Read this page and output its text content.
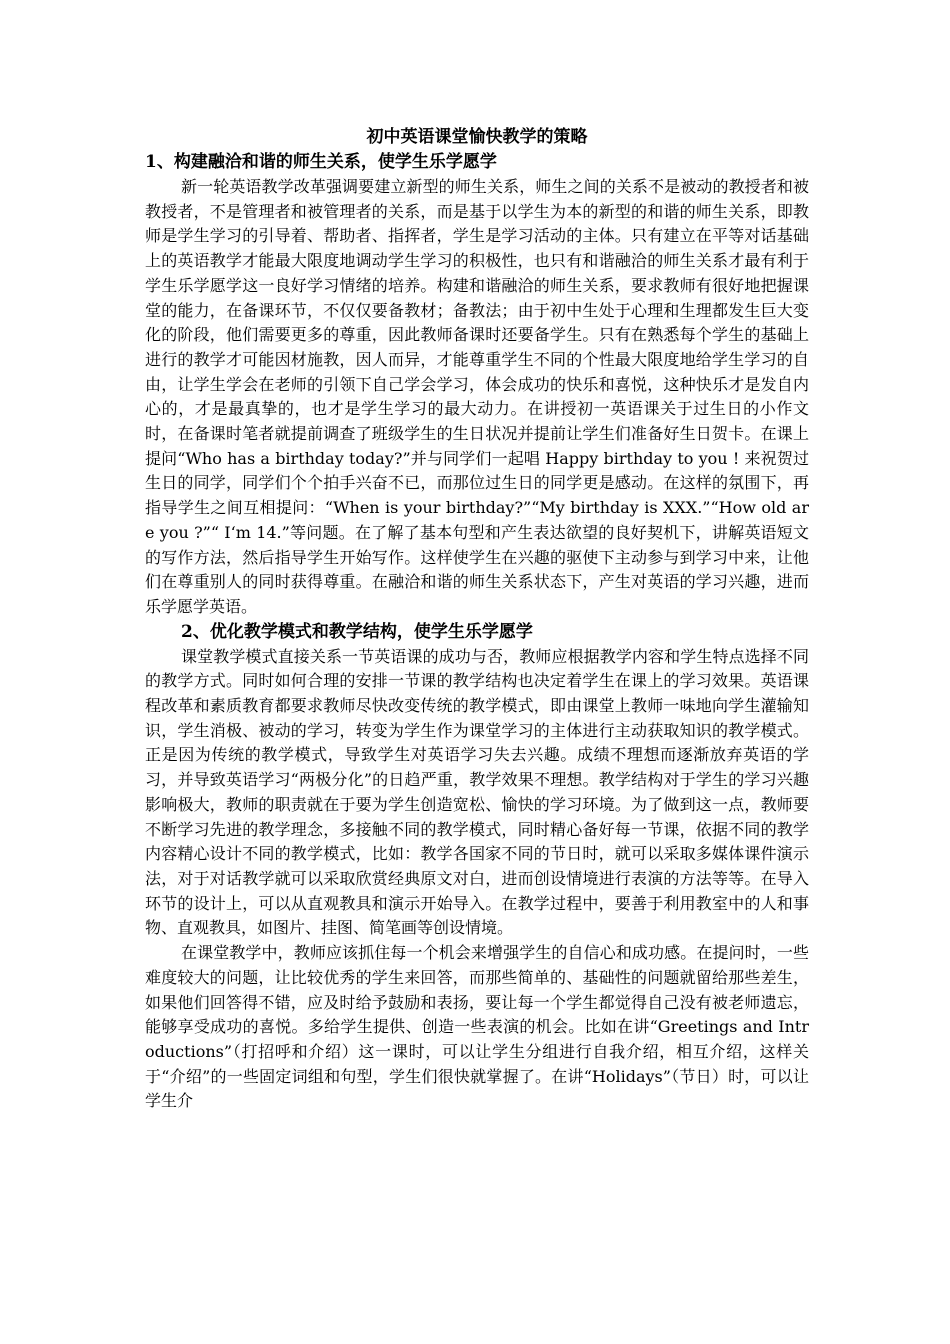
初中英语课堂愉快教学的策略
1、构建融洽和谐的师生关系，使学生乐学愿学

新一轮英语教学改革强调要建立新型的师生关系，师生之间的关系不是被动的教授者和被教授者，不是管理者和被管理者的关系，而是基于以学生为本的新型的和谐的师生关系，即教师是学生学习的引导着、帮助者、指挥者，学生是学习活动的主体。只有建立在平等对话基础上的英语教学才能最大限度地调动学生学习的积极性，也只有和谐融洽的师生关系才最有利于学生乐学愿学这一良好学习情绪的培养。构建和谐融洽的师生关系，要求教师有很好地把握课堂的能力，在备课环节，不仅仅要备教材；备教法；由于初中生处于心理和生理都发生巨大变化的阶段，他们需要更多的尊重，因此教师备课时还要备学生。只有在熟悉每个学生的基础上进行的教学才可能因材施教，因人而异，才能尊重学生不同的个性最大限度地给学生学习的自由，让学生学会在老师的引领下自己学会学习，体会成功的快乐和喜悦，这种快乐才是发自内心的，才是最真挚的，也才是学生学习的最大动力。在讲授初一英语课关于过生日的小作文时，在备课时笔者就提前调查了班级学生的生日状况并提前让学生们准备好生日贺卡。在课上提问“Who has a birthday today?”并与同学们一起唱 Happy birthday to you ! 来祝贺过生日的同学，同学们个个拍手兴奋不已，而那位过生日的同学更是感动。在这样的氛围下，再指导学生之间互相提问：“When is your birthday?”“My birthday is XXX.”“How old are you ?”“ I‘m 14.”等问题。在了解了基本句型和产生表达欲望的良好契机下，讲解英语短文的写作方法，然后指导学生开始写作。这样使学生在兴趣的驱使下主动参与到学习中来，让他们在尊重别人的同时获得尊重。在融洽和谐的师生关系状态下，产生对英语的学习兴趣，进而乐学愿学英语。

2、优化教学模式和教学结构，使学生乐学愿学

课堂教学模式直接关系一节英语课的成功与否，教师应根据教学内容和学生特点选择不同的教学方式。同时如何合理的安排一节课的教学结构也决定着学生在课上的学习效果。英语课程改革和素质教育都要求教师尽快改变传统的教学模式，即由课堂上教师一味地向学生灌输知识，学生消极、被动的学习，转变为学生作为课堂学习的主体进行主动获取知识的教学模式。正是因为传统的教学模式，导致学生对英语学习失去兴趣。成绩不理想而逐渐放弃英语的学习，并导致英语学习“两极分化”的日趋严重，教学效果不理想。教学结构对于学生的学习兴趣影响极大，教师的职责就在于要为学生创造宽松、愉快的学习环境。为了做到这一点，教师要不断学习先进的教学理念，多接触不同的教学模式，同时精心备好每一节课，依据不同的教学内容精心设计不同的教学模式，比如：教学各国家不同的节日时，就可以采取多媒体课件演示法，对于对话教学就可以采取欣赏经典原文对白，进而创设情境进行表演的方法等等。在导入环节的设计上，可以从直观教具和演示开始导入。在教学过程中，要善于利用教室中的人和事物、直观教具，如图片、挂图、简笔画等创设情境。

在课堂教学中，教师应该抓住每一个机会来增强学生的自信心和成功感。在提问时，一些难度较大的问题，让比较优秀的学生来回答，而那些简单的、基础性的问题就留给那些差生，如果他们回答得不错，应及时给予鼓励和表扬，要让每一个学生都觉得自己没有被老师遗忘，能够享受成功的喜悦。多给学生提供、创造一些表演的机会。比如在讲“Greetings and Introductions”（打招呼和介绍）这一课时，可以让学生分组进行自我介绍，相互介绍，这样关于“介绍”的一些固定词组和句型，学生们很快就掌握了。在讲“Holidays”（节日）时，可以让学生介
